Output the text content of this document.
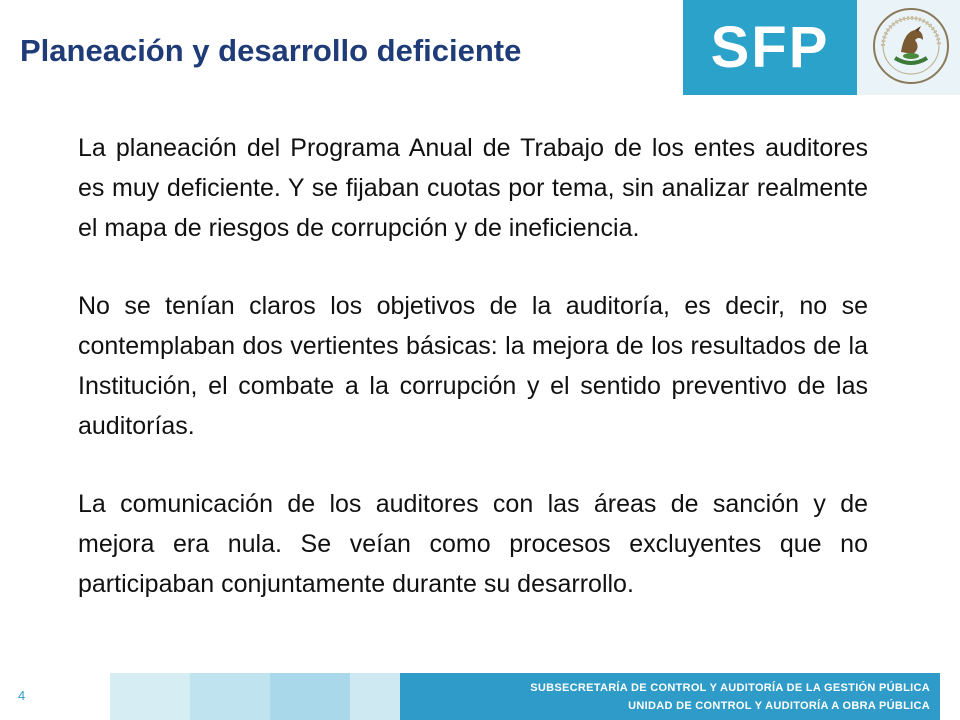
Planeación y desarrollo deficiente	SFP

La planeación del Programa Anual de Trabajo de los entes auditores es muy deficiente. Y se fijaban cuotas por tema, sin analizar realmente el mapa de riesgos de corrupción y de ineficiencia.

No se tenían claros los objetivos de la auditoría, es decir, no se contemplaban dos vertientes básicas: la mejora de los resultados de la Institución, el combate a la corrupción y el sentido preventivo de las auditorías.

La comunicación de los auditores con las áreas de sanción y de mejora era nula. Se veían como procesos excluyentes que no participaban conjuntamente durante su desarrollo.

4	SUBSECRETARÍA DE CONTROL Y AUDITORÍA DE LA GESTIÓN PÚBLICA
UNIDAD DE CONTROL Y AUDITORÍA A OBRA PÚBLICA
